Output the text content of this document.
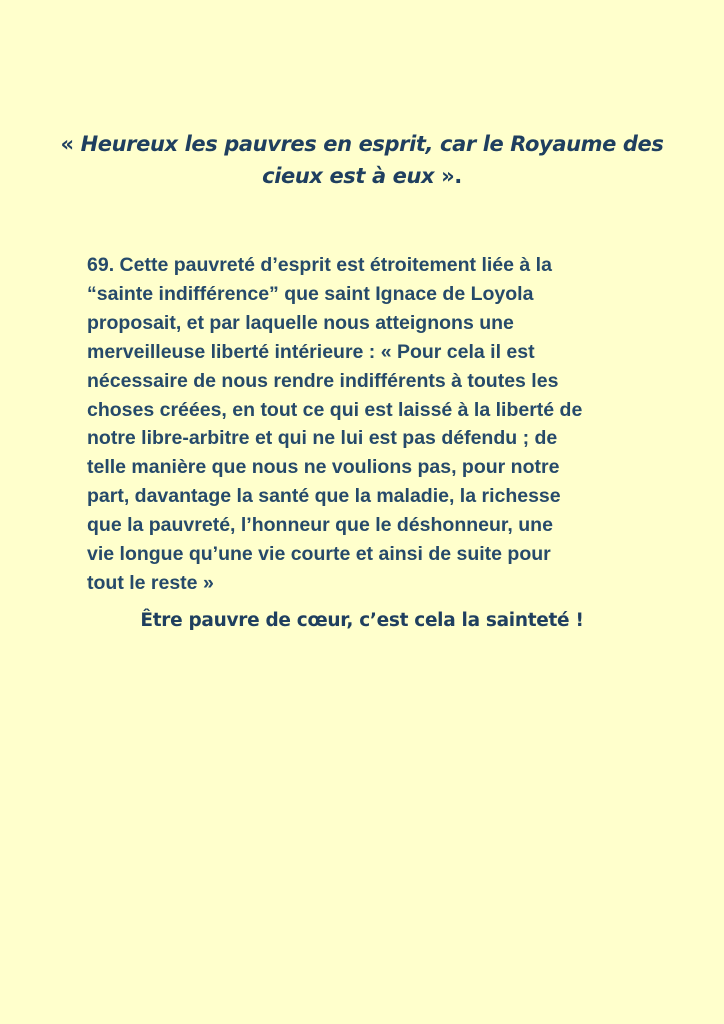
« Heureux les pauvres en esprit, car le Royaume des cieux est à eux ».
69. Cette pauvreté d’esprit est étroitement liée à la
“sainte indifférence” que saint Ignace de Loyola
proposait, et par laquelle nous atteignons une
merveilleuse liberté intérieure : « Pour cela il est
nécessaire de nous rendre indifférents à toutes les
choses créées, en tout ce qui est laissé à la liberté de
notre libre-arbitre et qui ne lui est pas défendu ; de
telle manière que nous ne voulions pas, pour notre
part, davantage la santé que la maladie, la richesse
que la pauvreté, l’honneur que le déshonneur, une
vie longue qu’une vie courte et ainsi de suite pour
tout le reste »

Être pauvre de cœur, c’est cela la sainteté !
